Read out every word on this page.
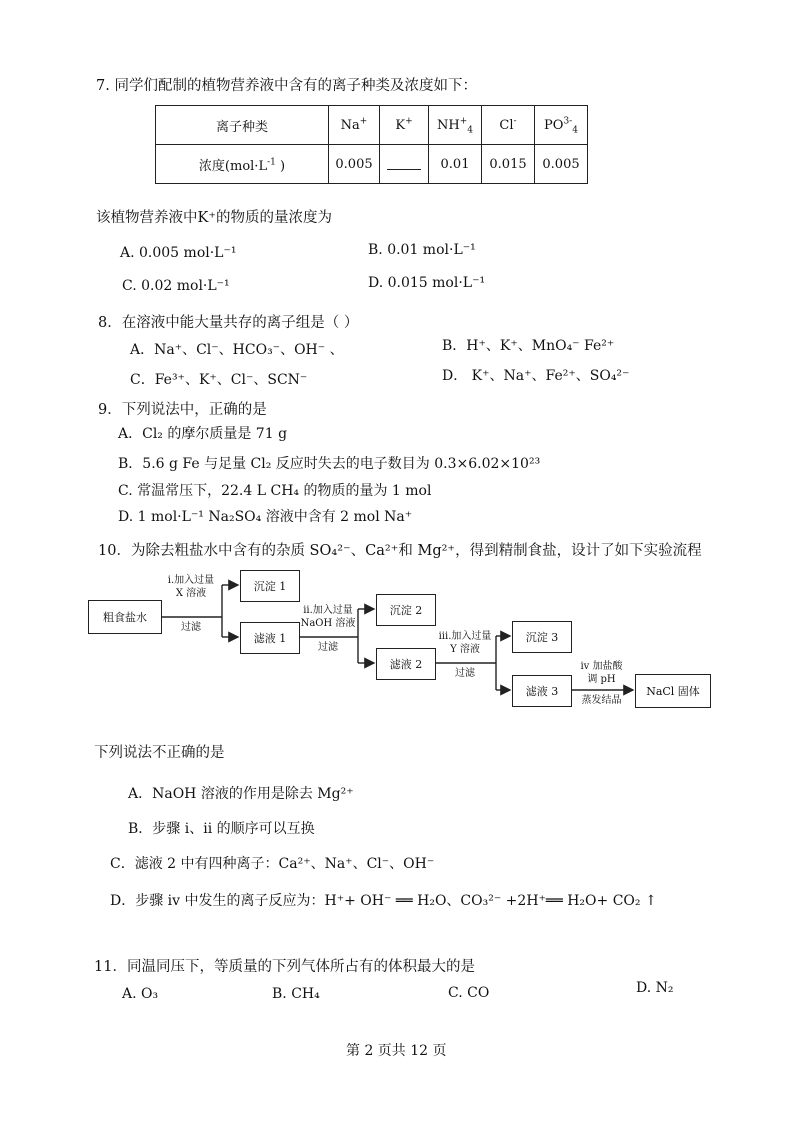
7. 同学们配制的植物营养液中含有的离子种类及浓度如下：
离子种类	Na+	K+	$NH^+_4$	Cl-	$PO^{3-}_4$
浓度($mol\cdot L^{-1}$ )	0.005		0.01	0.015	0.005
该植物营养液中K⁺的物质的量浓度为
A. 0.005 mol·L⁻¹	B. 0.01 mol·L⁻¹
C. 0.02 mol·L⁻¹	D. 0.015 mol·L⁻¹
8．在溶液中能大量共存的离子组是（ ）
A．Na⁺、Cl⁻、HCO₃⁻、OH⁻ 、	B．H⁺、K⁺、MnO₄⁻ Fe²⁺
C．Fe³⁺、K⁺、Cl⁻、SCN⁻	D． K⁺、Na⁺、Fe²⁺、SO₄²⁻
9．下列说法中，正确的是
A．Cl₂ 的摩尔质量是 71 g
B．5.6 g Fe 与足量 Cl₂ 反应时失去的电子数目为 0.3×6.02×10²³
C. 常温常压下，22.4 L CH₄ 的物质的量为 1 mol
D. 1 mol·L⁻¹ Na₂SO₄ 溶液中含有 2 mol Na⁺
10．为除去粗盐水中含有的杂质 SO₄²⁻、Ca²⁺和 Mg²⁺，得到精制食盐，设计了如下实验流程
粗食盐水
i.加入过量
X 溶液
过滤
沉淀 1
滤液 1
ii.加入过量
NaOH 溶液
过滤
沉淀 2
滤液 2
iii.加入过量
Y 溶液
过滤
沉淀 3
滤液 3
iv 加盐酸
调 pH
蒸发结晶
NaCl 固体
下列说法不正确的是
A．NaOH 溶液的作用是除去 Mg²⁺
B．步骤 i、ii 的顺序可以互换
C．滤液 2 中有四种离子：Ca²⁺、Na⁺、Cl⁻、OH⁻
D．步骤 iv 中发生的离子反应为：H⁺+ OH⁻ ══ H₂O、CO₃²⁻ +2H⁺══ H₂O+ CO₂ ↑
11．同温同压下，等质量的下列气体所占有的体积最大的是
A. O₃	B. CH₄	C. CO	D. N₂
第 2 页共 12 页
